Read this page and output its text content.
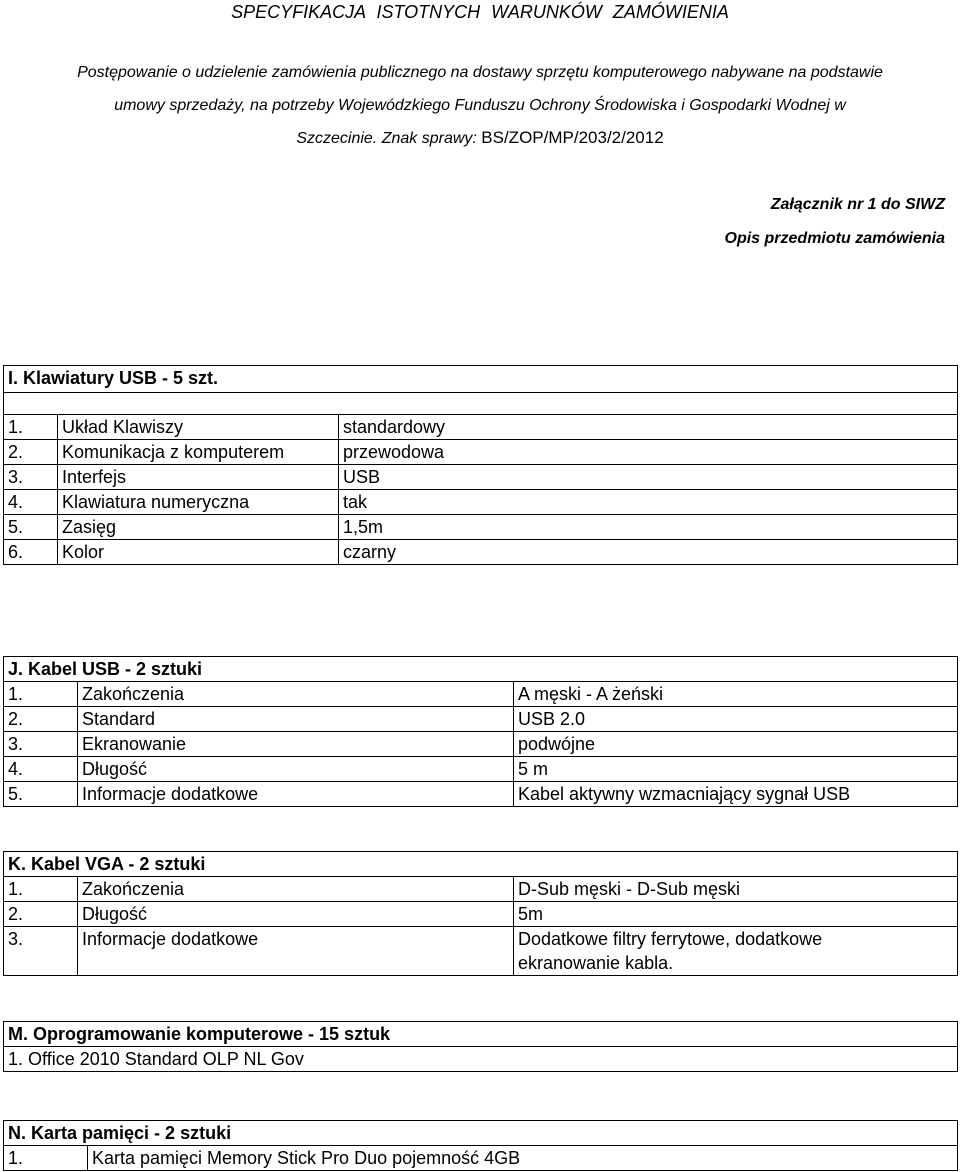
SPECYFIKACJA ISTOTNYCH WARUNKÓW ZAMÓWIENIA
Postępowanie o udzielenie zamówienia publicznego na dostawy sprzętu komputerowego nabywane na podstawie
umowy sprzedaży, na potrzeby Wojewódzkiego Funduszu Ochrony Środowiska i Gospodarki Wodnej w
Szczecinie. Znak sprawy: BS/ZOP/MP/203/2/2012
Załącznik nr 1 do SIWZ
Opis przedmiotu zamówienia
I. Klawiatury USB - 5 szt.		

1.	Układ Klawiszy	standardowy
2.	Komunikacja z komputerem	przewodowa
3.	Interfejs	USB
4.	Klawiatura numeryczna	tak
5.	Zasięg	1,5m
6.	Kolor	czarny
J. Kabel USB - 2 sztuki		
1.	Zakończenia	A męski - A żeński
2.	Standard	USB 2.0
3.	Ekranowanie	podwójne
4.	Długość	5 m
5.	Informacje dodatkowe	Kabel aktywny wzmacniający sygnał USB
K. Kabel VGA - 2 sztuki		
1.	Zakończenia	D-Sub męski - D-Sub męski
2.	Długość	5m
3.	Informacje dodatkowe	Dodatkowe filtry ferrytowe, dodatkowe
ekranowanie kabla.
M. Oprogramowanie komputerowe - 15 sztuk
1. Office 2010 Standard OLP NL Gov
N. Karta pamięci - 2 sztuki
1.	Karta pamięci Memory Stick Pro Duo pojemność 4GB
